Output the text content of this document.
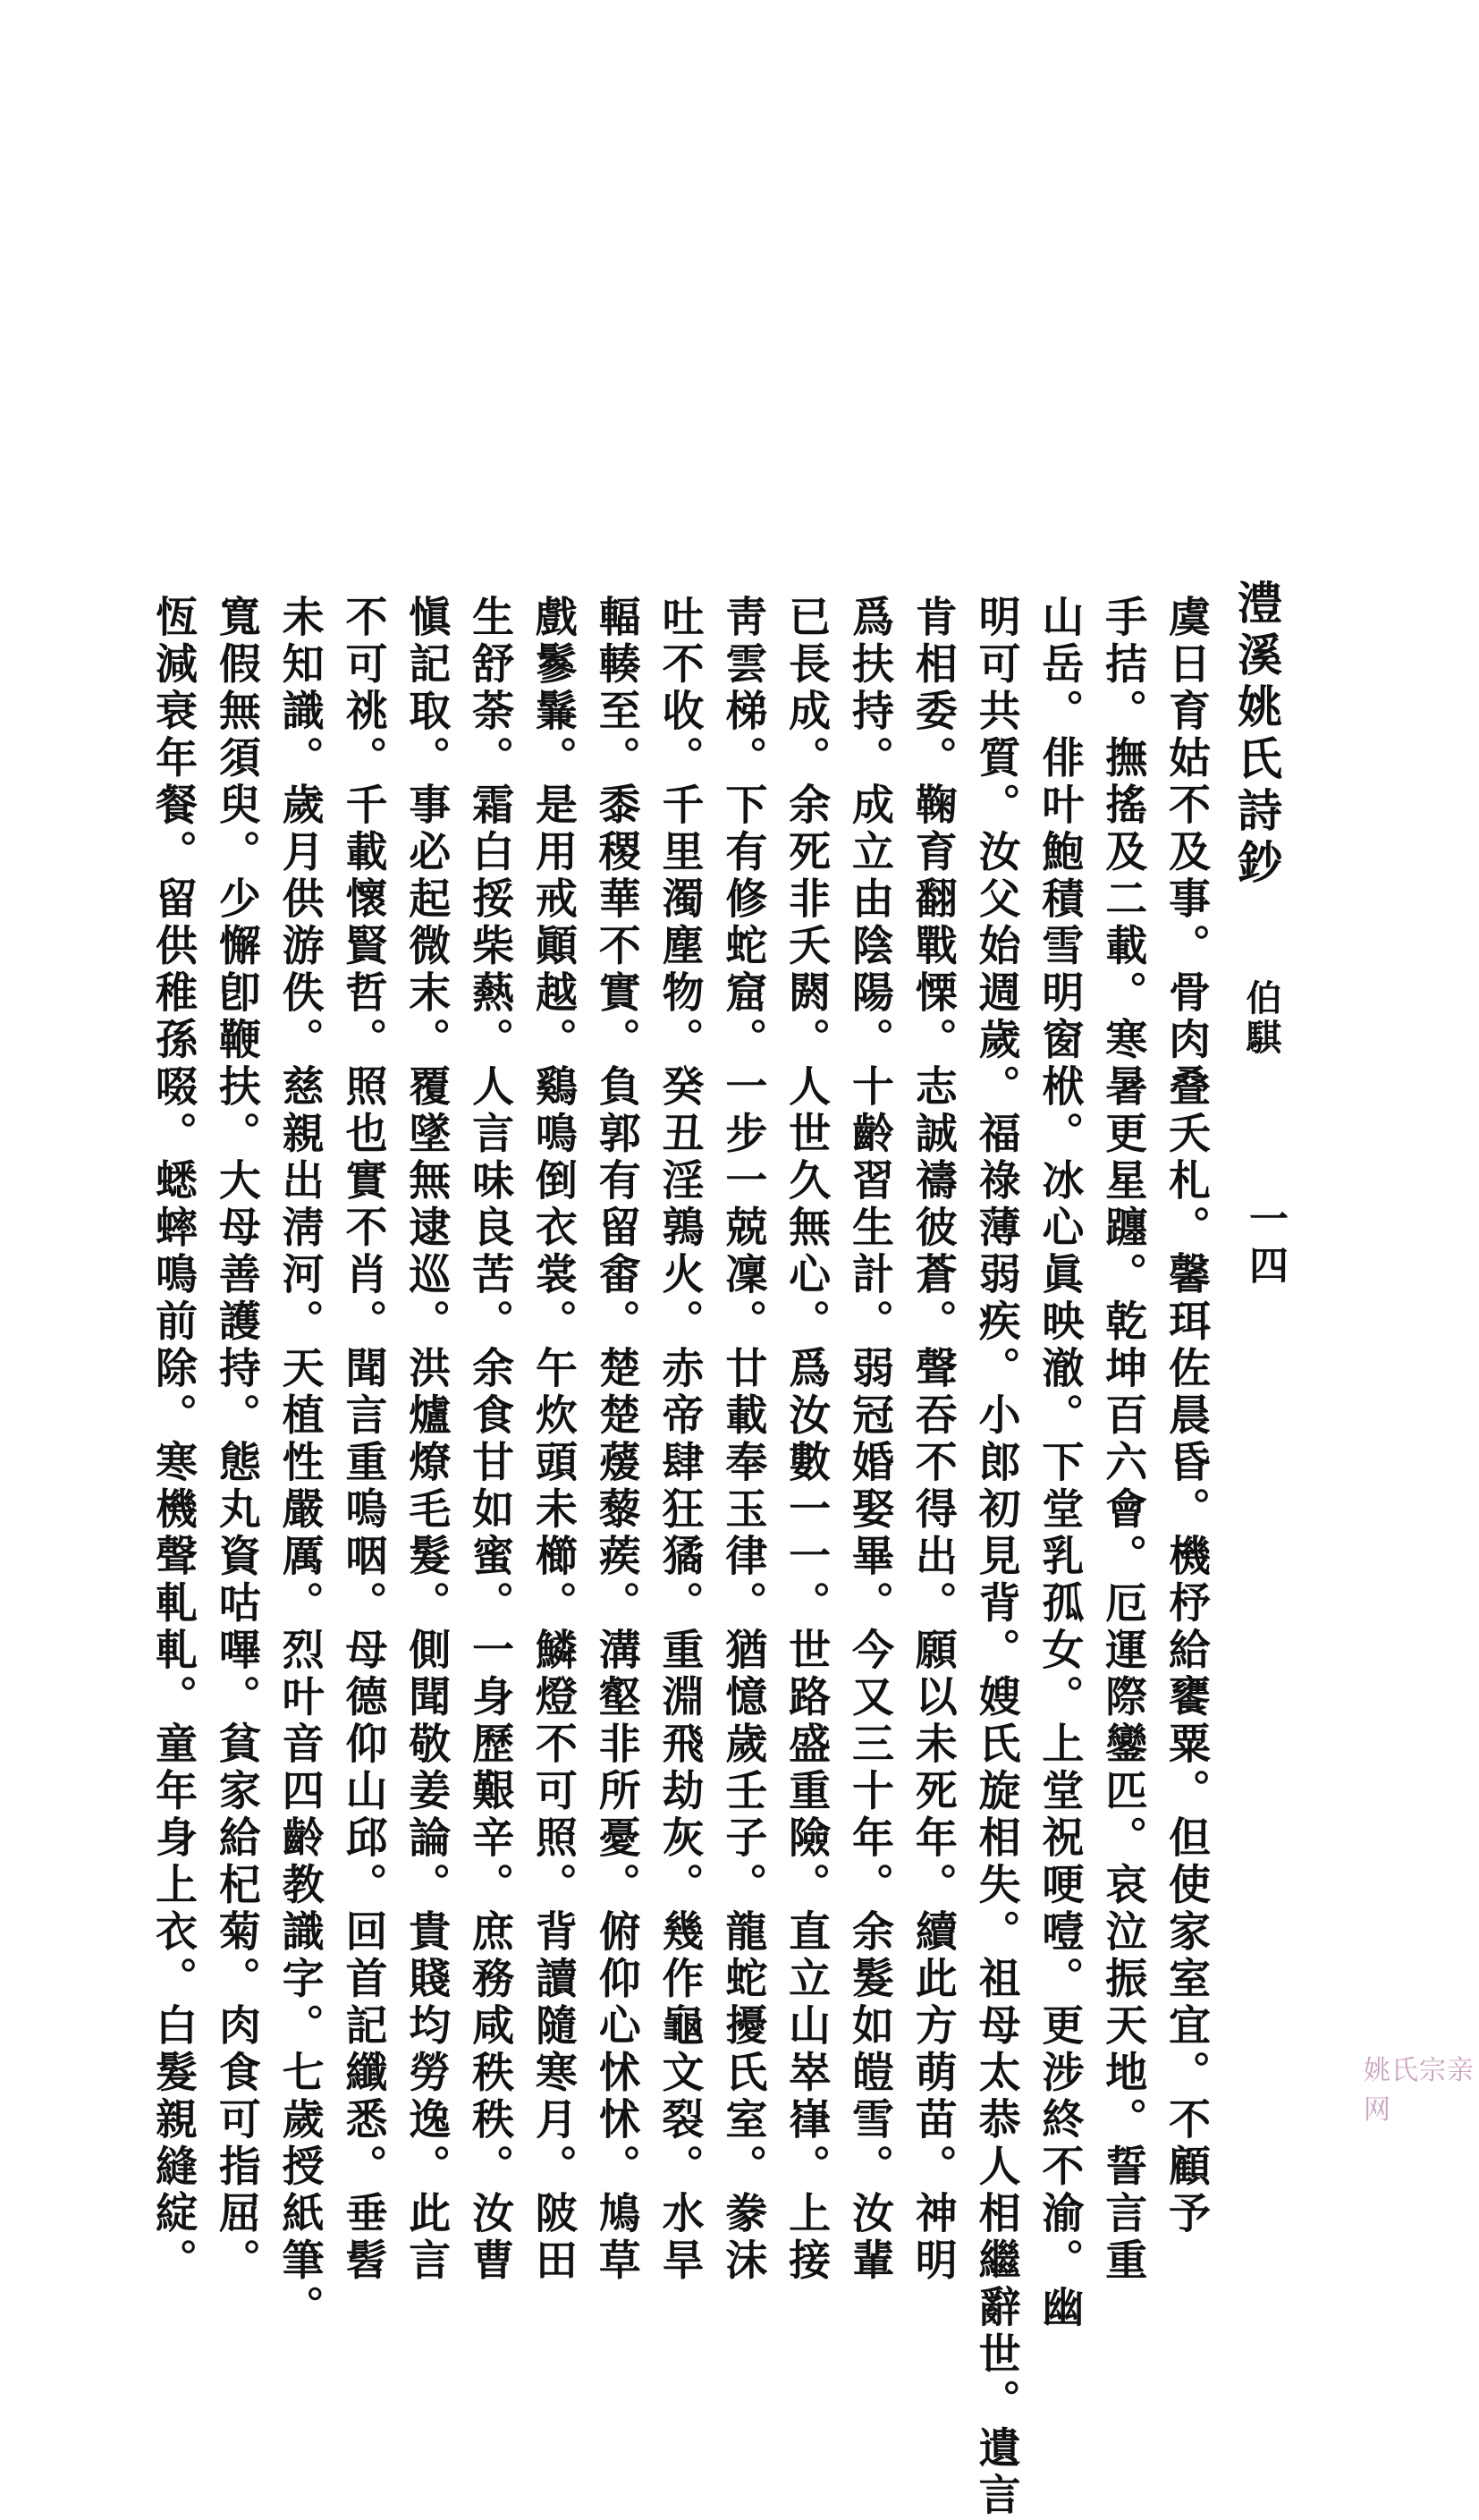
澧溪姚氏詩鈔
伯騏
一四
虞日育姑不及事。骨肉叠夭札。馨珥佐晨昏。機杼給饔粟。但使家室宜。不顧予
手拮。撫搖及二載。寒暑更星躔。乾坤百六會。厄運際鑾匹。哀泣振天地。誓言重
山岳。俳叶鮑積雪明窗栿。冰心眞映澈。下堂乳孤女。上堂祝哽噎。更涉終不渝。幽
明可共質。汝父始週歲。福祿薄弱疾。小郎初見背。嫂氏旋相失。祖母太恭人相繼辭世。遺言
肯相委。鞠育翻戰慄。志誠禱彼蒼。聲吞不得出。願以未死年。續此方萌苗。神明
爲扶持。成立由陰陽。十齡習生計。弱冠婚娶畢。今又三十年。余髮如皚雪。汝輩
已長成。余死非夭閼。人世久無心。爲汝數一一。世路盛重險。直立山崒嵂。上接
靑雲梯。下有修蛇窟。一步一兢凜。廿載奉玉律。猶憶歲壬子。龍蛇擾氏室。豢沫
吐不收。千里濁塵物。癸丑淫鶉火。赤帝肆狂獝。重淵飛劫灰。幾作龜文裂。水旱
輻輳至。黍稷華不實。負郭有留畬。楚楚蕿藜蒺。溝壑非所憂。俯仰心怵怵。鳩草
戲鬖鬑。是用戒顚越。鷄鳴倒衣裳。午炊頭未櫛。鱗燈不可照。背讀隨寒月。陂田
生舒荼。霜白挼柴爇。人言味良苦。余食甘如蜜。一身歷艱辛。庶務咸秩秩。汝曹
愼記取。事必起微末。覆墜無逮巡。洪爐燎毛髮。側聞敬姜論。貴賤均勞逸。此言
不可祧。千載懷賢哲。照也實不肖。聞言重嗚咽。母德仰山邱。回首記纖悉。垂髫
未知識。歲月供游佚。慈親出淸河。天植性嚴厲。烈叶音四齡教識字。七歲授紙筆。
寬假無須臾。少懈卽鞭扶。大母善護持。態丸資咕嗶。貧家給杞菊。肉食可指屈。
恆減衰年餐。留供稚孫啜。蟋蟀鳴前除。寒機聲軋軋。童年身上衣。白髮親縫綻。	姚氏宗亲网
